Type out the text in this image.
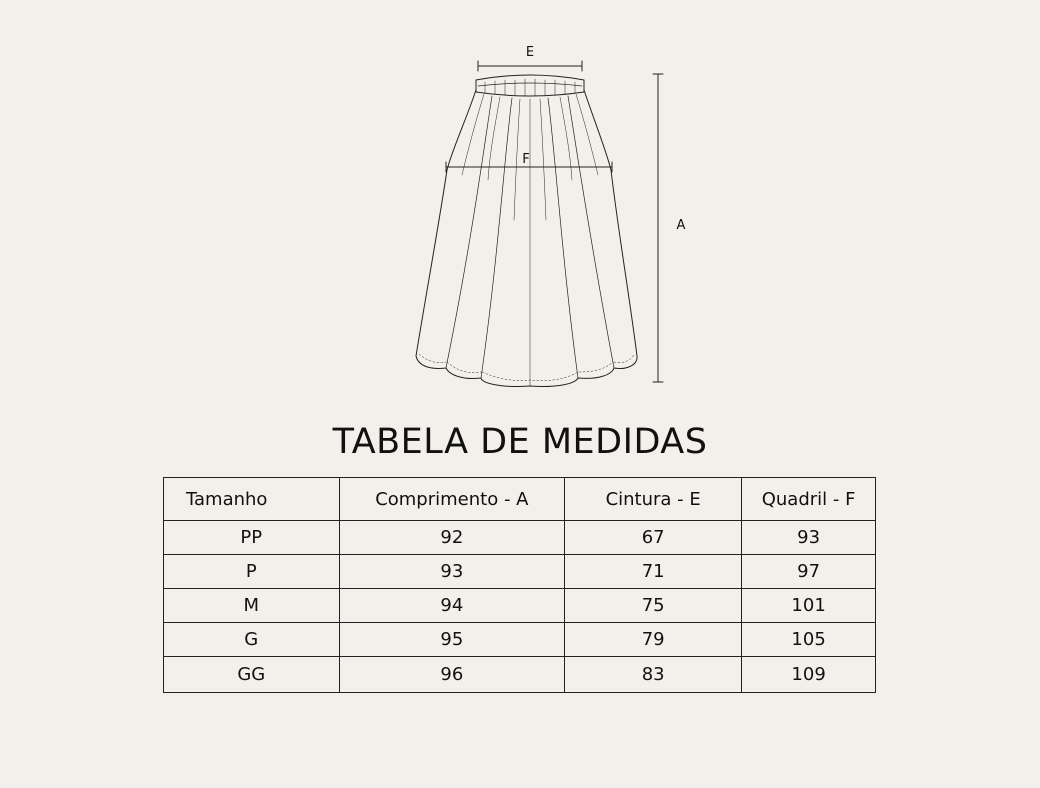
E
F
A
TABELA DE MEDIDAS
Tamanho	Comprimento - A	Cintura - E	Quadril - F
PP	92	67	93
P	93	71	97
M	94	75	101
G	95	79	105
GG	96	83	109
